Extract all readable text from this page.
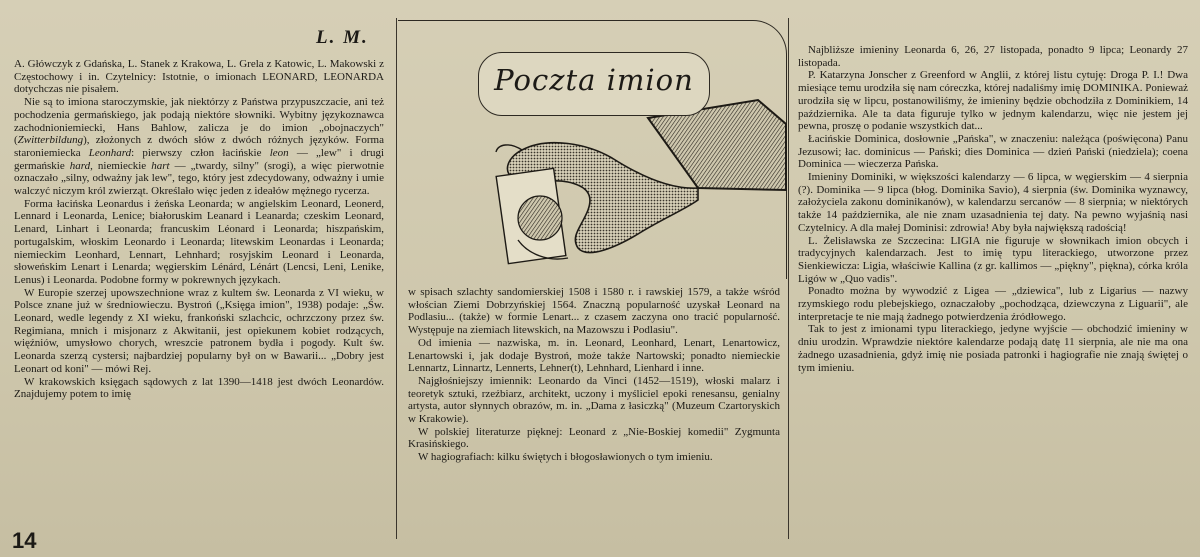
L. M.
Poczta imion

A. Główczyk z Gdańska, L. Stanek z Krakowa, L. Grela z Katowic, L. Makowski z Częstochowy i in. Czytelnicy: Istotnie, o imionach LEONARD, LEONARDA dotychczas nie pisałem.

Nie są to imiona staroczymskie, jak niektórzy z Państwa przypuszczacie, ani też pochodzenia germańskiego, jak podają niektóre słowniki. Wybitny językoznawca zachodnioniemiecki, Hans Bahlow, zalicza je do imion „obojnaczych" (Zwitterbildung), złożonych z dwóch słów z dwóch różnych języków. Forma staroniemiecka Leonhard: pierwszy człon łacińskie leon — „lew" i drugi germańskie hard, niemieckie hart — „twardy, silny" (srogi), a więc pierwotnie oznaczało „silny, odważny jak lew", tego, który jest zdecydowany, odważny i umie walczyć niczym król zwierząt. Określało więc jeden z ideałów mężnego rycerza.

Forma łacińska Leonardus i żeńska Leonarda; w angielskim Leonard, Leonerd, Lennard i Leonarda, Lenice; białoruskim Leanard i Leanarda; czeskim Leonard, Lenard, Linhart i Leonarda; francuskim Léonard i Leonarda; hiszpańskim, portugalskim, włoskim Leonardo i Leonarda; litewskim Leonardas i Leonarda; niemieckim Leonhard, Lennart, Lehnhard; rosyjskim Leonard i Leonarda, słoweńskim Lenart i Lenarda; węgierskim Lénárd, Lénárt (Lencsi, Leni, Lenike, Lenus) i Leonarda. Podobne formy w pokrewnych językach.

W Europie szerzej upowszechnione wraz z kultem św. Leonarda z VI wieku, w Polsce znane już w średniowieczu. Bystroń („Księga imion", 1938) podaje: „Św. Leonard, wedle legendy z XI wieku, frankoński szlachcic, ochrzczony przez św. Regimiana, mnich i misjonarz z Akwitanii, jest opiekunem kobiet rodzących, więźniów, umysłowo chorych, wreszcie patronem bydła i pogody. Kult św. Leonarda szerzą cystersi; najbardziej popularny był on w Bawarii... „Dobry jest Leonart od koni" — mówi Rej.

W krakowskich księgach sądowych z lat 1390—1418 jest dwóch Leonardów. Znajdujemy potem to imię

w spisach szlachty sandomierskiej 1508 i 1580 r. i rawskiej 1579, a także wśród włościan Ziemi Dobrzyńskiej 1564. Znaczną popularność uzyskał Leonard na Podlasiu... (także) w formie Lenart... z czasem zaczyna ono tracić popularność. Występuje na ziemiach litewskich, na Mazowszu i Podlasiu".

Od imienia — nazwiska, m. in. Leonard, Leonhard, Lenart, Lenartowicz, Lenartowski i, jak dodaje Bystroń, może także Nartowski; ponadto niemieckie Lennartz, Linnartz, Lennerts, Lehner(t), Lehnhard, Lienhard i inne.

Najgłośniejszy imiennik: Leonardo da Vinci (1452—1519), włoski malarz i teoretyk sztuki, rzeźbiarz, architekt, uczony i myśliciel epoki renesansu, genialny artysta, autor słynnych obrazów, m. in. „Dama z łasiczką" (Muzeum Czartoryskich w Krakowie).

W polskiej literaturze pięknej: Leonard z „Nie-Boskiej komedii" Zygmunta Krasińskiego.

W hagiografiach: kilku świętych i błogosławionych o tym imieniu.

Najbliższe imieniny Leonarda 6, 26, 27 listopada, ponadto 9 lipca; Leonardy 27 listopada.

P. Katarzyna Jonscher z Greenford w Anglii, z której listu cytuję: Droga P. I.! Dwa miesiące temu urodziła się nam córeczka, której nadaliśmy imię DOMINIKA. Ponieważ urodziła się w lipcu, postanowiliśmy, że imieniny będzie obchodziła z Dominikiem, 14 października. Ale ta data figuruje tylko w jednym kalendarzu, więc nie jestem jej pewna, proszę o podanie wszystkich dat...

Łacińskie Dominica, dosłownie „Pańska", w znaczeniu: należąca (poświęcona) Panu Jezusowi; łac. dominicus — Pański; dies Dominica — dzień Pański (niedziela); coena Dominica — wieczerza Pańska.

Imieniny Dominiki, w większości kalendarzy — 6 lipca, w węgierskim — 4 sierpnia (?). Dominika — 9 lipca (błog. Dominika Savio), 4 sierpnia (św. Dominika wyznawcy, założyciela zakonu dominikanów), w kalendarzu sercanów — 8 sierpnia; w niektórych także 14 października, ale nie znam uzasadnienia tej daty. Na pewno wyjaśnią nasi Czytelnicy. A dla małej Dominisi: zdrowia! Aby była największą radością!

L. Żelisławska ze Szczecina: LIGIA nie figuruje w słownikach imion obcych i tradycyjnych kalendarzach. Jest to imię typu literackiego, utworzone przez Sienkiewicza: Ligia, właściwie Kallina (z gr. kallimos — „piękny", piękna), córka króla Ligów w „Quo vadis".

Ponadto można by wywodzić z Ligea — „dziewica", lub z Ligarius — nazwy rzymskiego rodu plebejskiego, oznaczałoby „pochodząca, dziewczyna z Liguarii", ale interpretacje te nie mają żadnego potwierdzenia źródłowego.

Tak to jest z imionami typu literackiego, jedyne wyjście — obchodzić imieniny w dniu urodzin. Wprawdzie niektóre kalendarze podają datę 11 sierpnia, ale nie ma ona żadnego uzasadnienia, gdyż imię nie posiada patronki i hagiografie nie znają świętej o tym imieniu.

14
